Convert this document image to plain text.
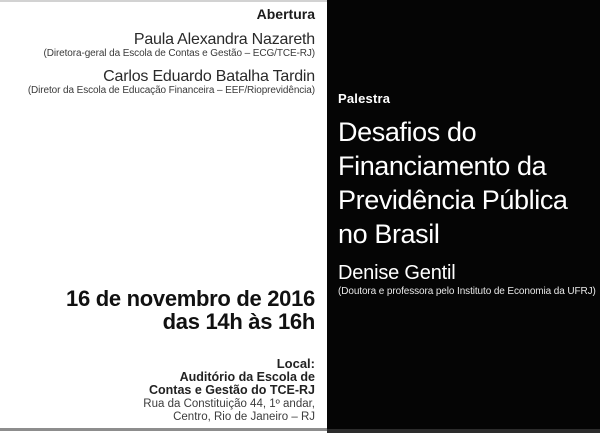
Abertura
Paula Alexandra Nazareth
(Diretora-geral da Escola de Contas e Gestão – ECG/TCE-RJ)
Carlos Eduardo Batalha Tardin
(Diretor da Escola de Educação Financeira – EEF/Rioprevidência)
16 de novembro de 2016
das 14h às 16h
Local:
Auditório da Escola de
Contas e Gestão do TCE-RJ
Rua da Constituição 44, 1º andar,
Centro, Rio de Janeiro – RJ
Palestra
Desafios do
Financiamento da
Previdência Pública
no Brasil
Denise Gentil
(Doutora e professora pelo Instituto de Economia da UFRJ)
